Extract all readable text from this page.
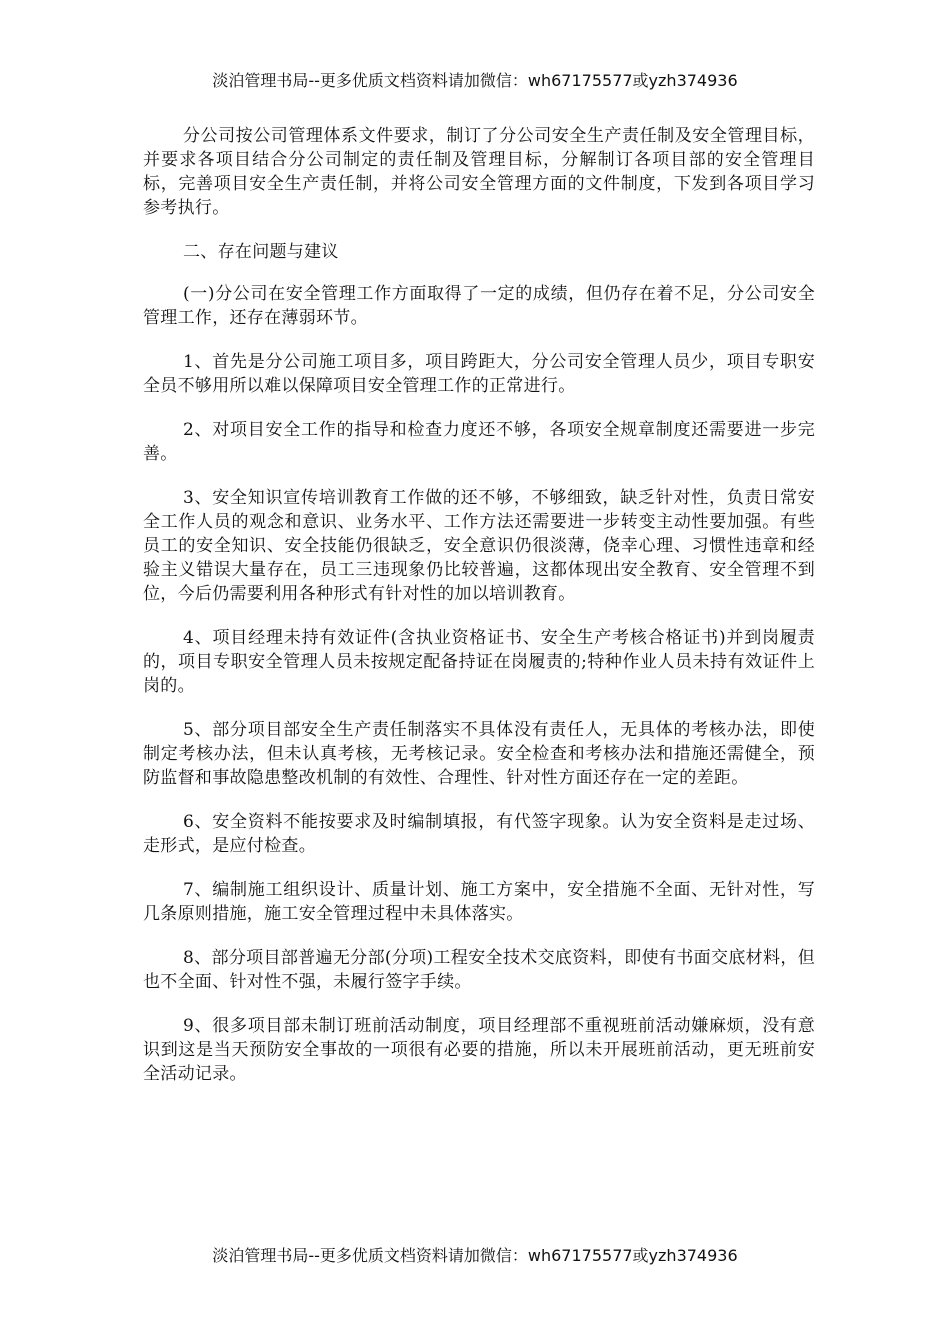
淡泊管理书局--更多优质文档资料请加微信：wh67175577或yzh374936

分公司按公司管理体系文件要求，制订了分公司安全生产责任制及安全管理目标，并要求各项目结合分公司制定的责任制及管理目标，分解制订各项目部的安全管理目标，完善项目安全生产责任制，并将公司安全管理方面的文件制度，下发到各项目学习参考执行。

二、存在问题与建议

(一)分公司在安全管理工作方面取得了一定的成绩，但仍存在着不足，分公司安全管理工作，还存在薄弱环节。

1、首先是分公司施工项目多，项目跨距大，分公司安全管理人员少，项目专职安全员不够用所以难以保障项目安全管理工作的正常进行。

2、对项目安全工作的指导和检查力度还不够，各项安全规章制度还需要进一步完善。

3、安全知识宣传培训教育工作做的还不够，不够细致，缺乏针对性，负责日常安全工作人员的观念和意识、业务水平、工作方法还需要进一步转变主动性要加强。有些员工的安全知识、安全技能仍很缺乏，安全意识仍很淡薄，侥幸心理、习惯性违章和经验主义错误大量存在，员工三违现象仍比较普遍，这都体现出安全教育、安全管理不到位，今后仍需要利用各种形式有针对性的加以培训教育。

4、项目经理未持有效证件(含执业资格证书、安全生产考核合格证书)并到岗履责的，项目专职安全管理人员未按规定配备持证在岗履责的;特种作业人员未持有效证件上岗的。

5、部分项目部安全生产责任制落实不具体没有责任人，无具体的考核办法，即使制定考核办法，但未认真考核，无考核记录。安全检查和考核办法和措施还需健全，预防监督和事故隐患整改机制的有效性、合理性、针对性方面还存在一定的差距。

6、安全资料不能按要求及时编制填报，有代签字现象。认为安全资料是走过场、走形式，是应付检查。

7、编制施工组织设计、质量计划、施工方案中，安全措施不全面、无针对性，写几条原则措施，施工安全管理过程中未具体落实。

8、部分项目部普遍无分部(分项)工程安全技术交底资料，即使有书面交底材料，但也不全面、针对性不强，未履行签字手续。

9、很多项目部未制订班前活动制度，项目经理部不重视班前活动嫌麻烦，没有意识到这是当天预防安全事故的一项很有必要的措施，所以未开展班前活动，更无班前安全活动记录。

淡泊管理书局--更多优质文档资料请加微信：wh67175577或yzh374936
